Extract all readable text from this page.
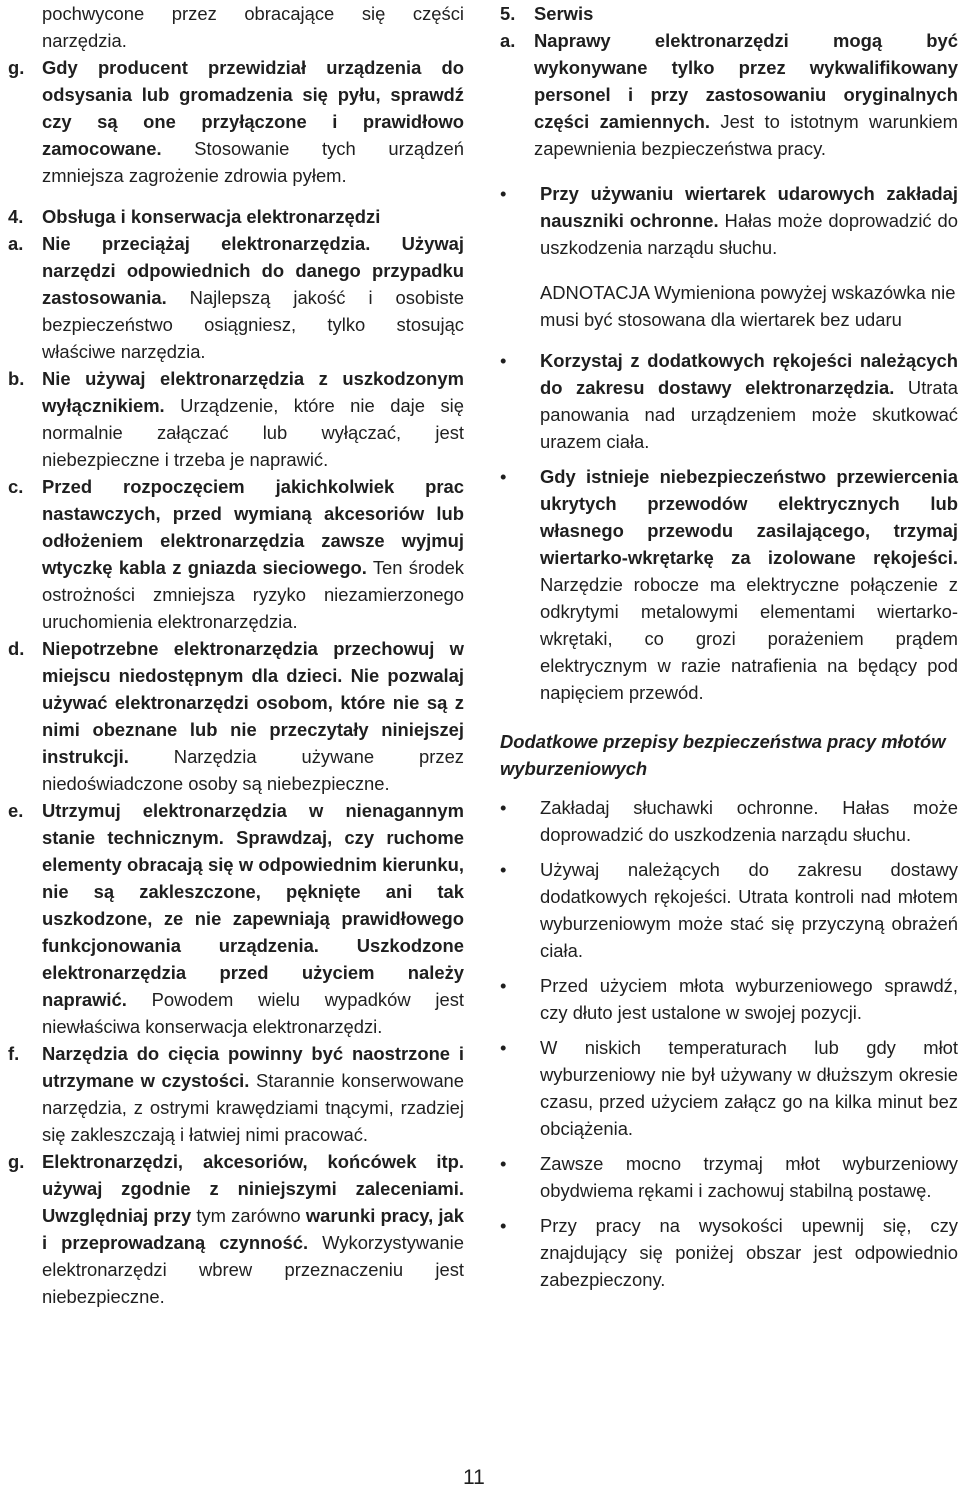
pochwycone przez obracające się części narzędzia.
g. Gdy producent przewidział urządzenia do odsysania lub gromadzenia się pyłu, sprawdź czy są one przyłączone i prawidłowo zamocowane. Stosowanie tych urządzeń zmniejsza zagrożenie zdrowia pyłem.
4. Obsługa i konserwacja elektronarzędzi
a. Nie przeciążaj elektronarzędzia. Używaj narzędzi odpowiednich do danego przypadku zastosowania. Najlepszą jakość i osobiste bezpieczeństwo osiągniesz, tylko stosując właściwe narzędzia.
b. Nie używaj elektronarzędzia z uszkodzonym wyłącznikiem. Urządzenie, które nie daje się normalnie załączać lub wyłączać, jest niebezpieczne i trzeba je naprawić.
c. Przed rozpoczęciem jakichkolwiek prac nastawczych, przed wymianą akcesoriów lub odłożeniem elektronarzędzia zawsze wyjmuj wtyczkę kabla z gniazda sieciowego. Ten środek ostrożności zmniejsza ryzyko niezamierzonego uruchomienia elektronarzędzia.
d. Niepotrzebne elektronarzędzia przechowuj w miejscu niedostępnym dla dzieci. Nie pozwalaj używać elektronarzędzi osobom, które nie są z nimi obeznane lub nie przeczytały niniejszej instrukcji. Narzędzia używane przez niedoświadczone osoby są niebezpieczne.
e. Utrzymuj elektronarzędzia w nienagannym stanie technicznym. Sprawdzaj, czy ruchome elementy obracają się w odpowiednim kierunku, nie są zakleszczone, pęknięte ani tak uszkodzone, ze nie zapewniają prawidłowego funkcjonowania urządzenia. Uszkodzone elektronarzędzia przed użyciem należy naprawić. Powodem wielu wypadków jest niewłaściwa konserwacja elektronarzędzi.
f. Narzędzia do cięcia powinny być naostrzone i utrzymane w czystości. Starannie konserwowane narzędzia, z ostrymi krawędziami tnącymi, rzadziej się zakleszczają i łatwiej nimi pracować.
g. Elektronarzędzi, akcesoriów, końcówek itp. używaj zgodnie z niniejszymi zaleceniami. Uwzględniaj przy tym zarówno warunki pracy, jak i przeprowadzaną czynność. Wykorzystywanie elektronarzędzi wbrew przeznaczeniu jest niebezpieczne.
5. Serwis
a. Naprawy elektronarzędzi mogą być wykonywane tylko przez wykwalifikowany personel i przy zastosowaniu oryginalnych części zamiennych. Jest to istotnym warunkiem zapewnienia bezpieczeństwa pracy.
• Przy używaniu wiertarek udarowych zakładaj nauszniki ochronne. Hałas może doprowadzić do uszkodzenia narządu słuchu.
ADNOTACJA Wymieniona powyżej wskazówka nie musi być stosowana dla wiertarek bez udaru
• Korzystaj z dodatkowych rękojeści należących do zakresu dostawy elektronarzędzia. Utrata panowania nad urządzeniem może skutkować urazem ciała.
• Gdy istnieje niebezpieczeństwo przewiercenia ukrytych przewodów elektrycznych lub własnego przewodu zasilającego, trzymaj wiertarko-wkrętarkę za izolowane rękojeści. Narzędzie robocze ma elektryczne połączenie z odkrytymi metalowymi elementami wiertarko-wkrętaki, co grozi porażeniem prądem elektrycznym w razie natrafienia na będący pod napięciem przewód.
Dodatkowe przepisy bezpieczeństwa pracy młotów wyburzeniowych
• Zakładaj słuchawki ochronne. Hałas może doprowadzić do uszkodzenia narządu słuchu.
• Używaj należących do zakresu dostawy dodatkowych rękojeści. Utrata kontroli nad młotem wyburzeniowym może stać się przyczyną obrażeń ciała.
• Przed użyciem młota wyburzeniowego sprawdź, czy dłuto jest ustalone w swojej pozycji.
• W niskich temperaturach lub gdy młot wyburzeniowy nie był używany w dłuższym okresie czasu, przed użyciem załącz go na kilka minut bez obciążenia.
• Zawsze mocno trzymaj młot wyburzeniowy obydwiema rękami i zachowuj stabilną postawę.
• Przy pracy na wysokości upewnij się, czy znajdujący się poniżej obszar jest odpowiednio zabezpieczony.
11
